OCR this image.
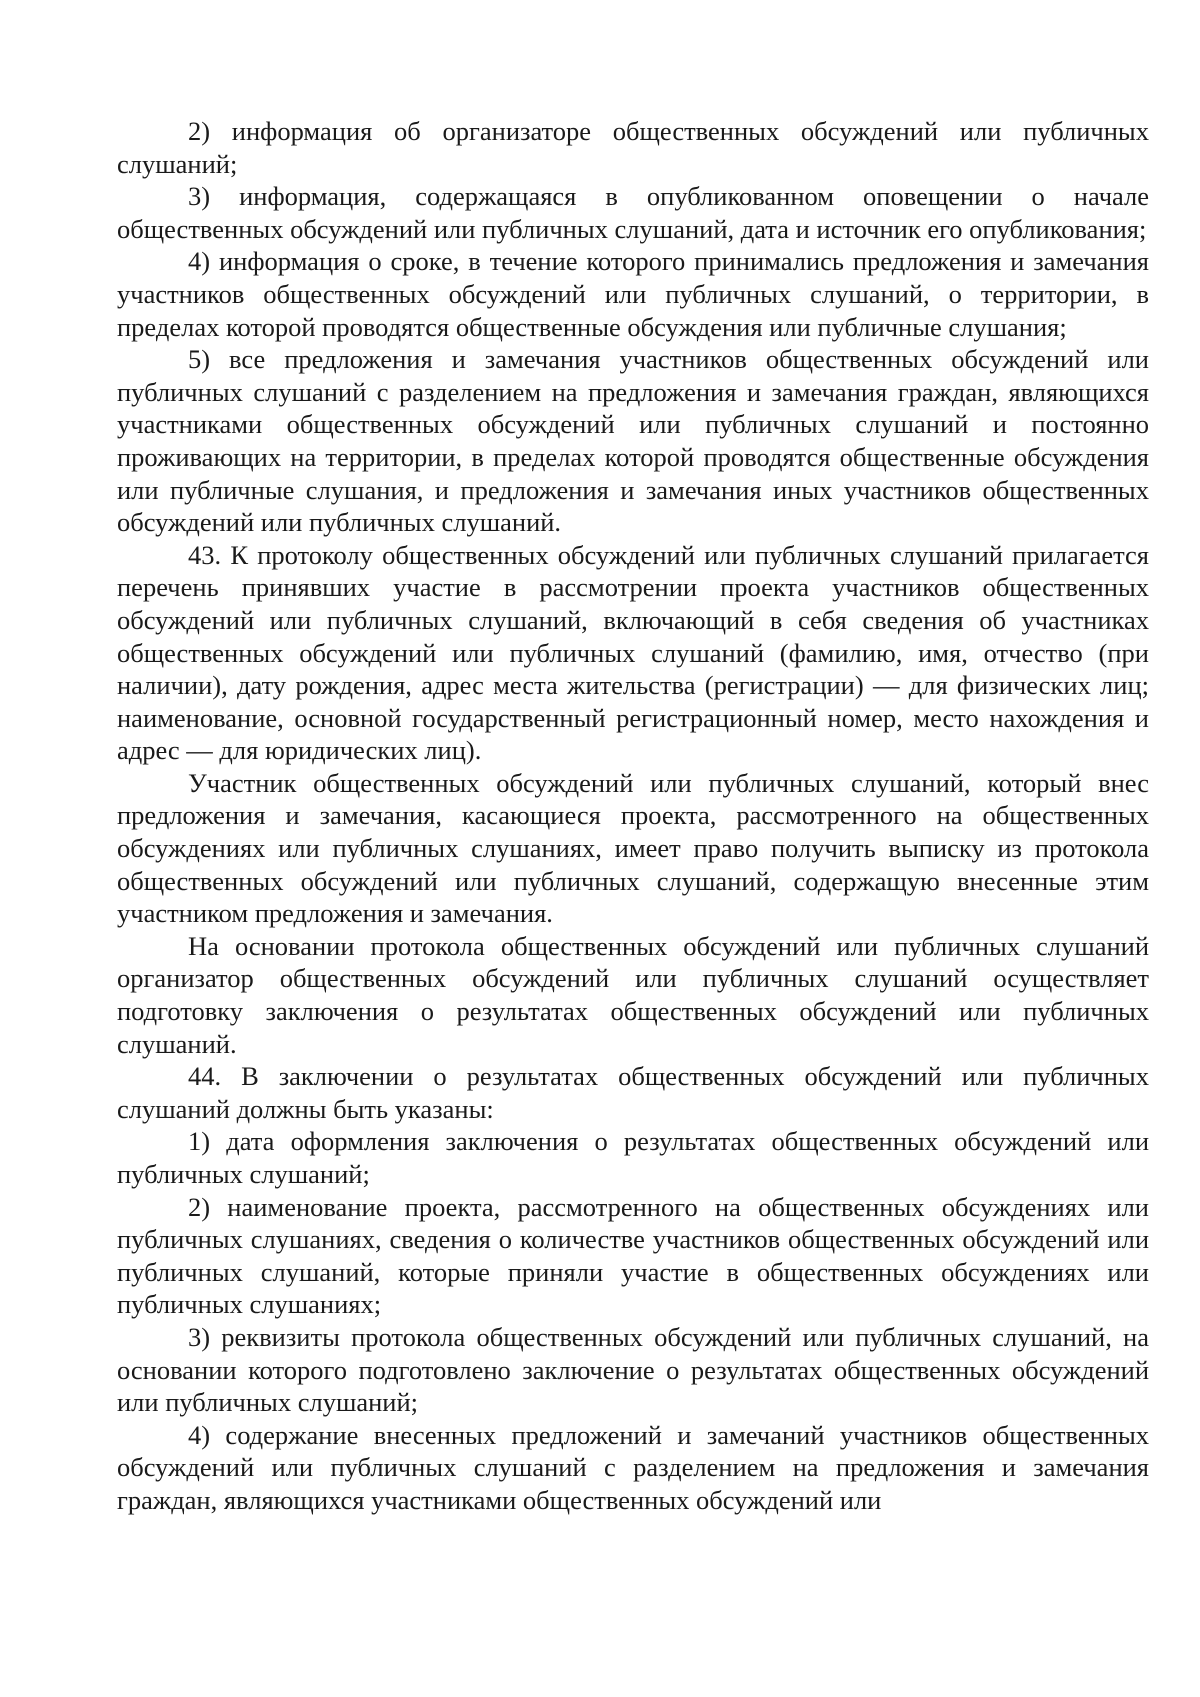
2) информация об организаторе общественных обсуждений или публичных слушаний;

3) информация, содержащаяся в опубликованном оповещении о начале общественных обсуждений или публичных слушаний, дата и источник его опубликования;

4) информация о сроке, в течение которого принимались предложения и замечания участников общественных обсуждений или публичных слушаний, о территории, в пределах которой проводятся общественные обсуждения или публичные слушания;

5) все предложения и замечания участников общественных обсуждений или публичных слушаний с разделением на предложения и замечания граждан, являющихся участниками общественных обсуждений или публичных слушаний и постоянно проживающих на территории, в пределах которой проводятся общественные обсуждения или публичные слушания, и предложения и замечания иных участников общественных обсуждений или публичных слушаний.

43. К протоколу общественных обсуждений или публичных слушаний прилагается перечень принявших участие в рассмотрении проекта участников общественных обсуждений или публичных слушаний, включающий в себя сведения об участниках общественных обсуждений или публичных слушаний (фамилию, имя, отчество (при наличии), дату рождения, адрес места жительства (регистрации) — для физических лиц; наименование, основной государственный регистрационный номер, место нахождения и адрес — для юридических лиц).

Участник общественных обсуждений или публичных слушаний, который внес предложения и замечания, касающиеся проекта, рассмотренного на общественных обсуждениях или публичных слушаниях, имеет право получить выписку из протокола общественных обсуждений или публичных слушаний, содержащую внесенные этим участником предложения и замечания.

На основании протокола общественных обсуждений или публичных слушаний организатор общественных обсуждений или публичных слушаний осуществляет подготовку заключения о результатах общественных обсуждений или публичных слушаний.

44. В заключении о результатах общественных обсуждений или публичных слушаний должны быть указаны:

1) дата оформления заключения о результатах общественных обсуждений или публичных слушаний;

2) наименование проекта, рассмотренного на общественных обсуждениях или публичных слушаниях, сведения о количестве участников общественных обсуждений или публичных слушаний, которые приняли участие в общественных обсуждениях или публичных слушаниях;

3) реквизиты протокола общественных обсуждений или публичных слушаний, на основании которого подготовлено заключение о результатах общественных обсуждений или публичных слушаний;

4) содержание внесенных предложений и замечаний участников общественных обсуждений или публичных слушаний с разделением на предложения и замечания граждан, являющихся участниками общественных обсуждений или
